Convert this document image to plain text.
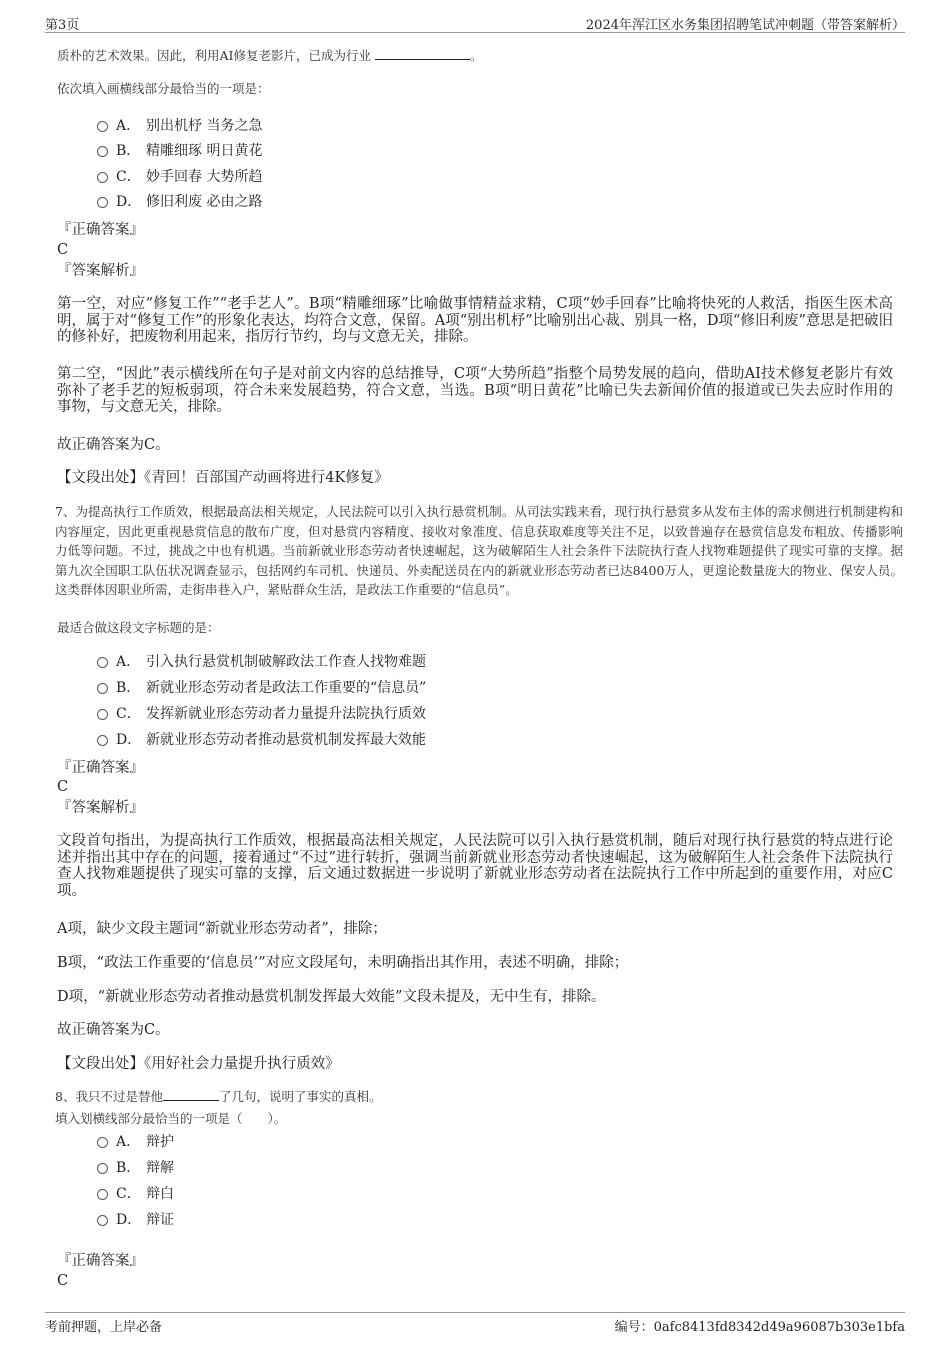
第3页	2024年浑江区水务集团招聘笔试冲刺题（带答案解析）
质朴的艺术效果。因此，利用AI修复老影片，已成为行业	。
依次填入画横线部分最恰当的一项是：
A． 别出机杼 当务之急
B． 精雕细琢 明日黄花
C． 妙手回春 大势所趋
D． 修旧利废 必由之路
『正确答案』
C
『答案解析』
第一空，对应“修复工作”“老手艺人”。B项“精雕细琢”比喻做事情精益求精，C项“妙手回春”比喻将快死的人救活，指医生医术高明，属于对“修复工作”的形象化表达，均符合文意，保留。A项“别出机杼”比喻别出心裁、别具一格，D项“修旧利废”意思是把破旧的修补好，把废物利用起来，指厉行节约，均与文意无关，排除。
第二空，“因此”表示横线所在句子是对前文内容的总结推导，C项“大势所趋”指整个局势发展的趋向，借助AI技术修复老影片有效弥补了老手艺的短板弱项，符合未来发展趋势，符合文意，当选。B项“明日黄花”比喻已失去新闻价值的报道或已失去应时作用的事物，与文意无关，排除。
故正确答案为C。
【文段出处】《青回！百部国产动画将进行4K修复》
7、为提高执行工作质效，根据最高法相关规定，人民法院可以引入执行悬赏机制。从司法实践来看，现行执行悬赏多从发布主体的需求侧进行机制建构和内容厘定，因此更重视悬赏信息的散布广度，但对悬赏内容精度、接收对象准度、信息获取难度等关注不足，以致普遍存在悬赏信息发布粗放、传播影响力低等问题。不过，挑战之中也有机遇。当前新就业形态劳动者快速崛起，这为破解陌生人社会条件下法院执行查人找物难题提供了现实可靠的支撑。据第九次全国职工队伍状况调查显示，包括网约车司机、快递员、外卖配送员在内的新就业形态劳动者已达8400万人，更遑论数量庞大的物业、保安人员。这类群体因职业所需，走街串巷入户，紧贴群众生活，是政法工作重要的“信息员”。
最适合做这段文字标题的是：
A． 引入执行悬赏机制破解政法工作查人找物难题
B． 新就业形态劳动者是政法工作重要的“信息员”
C． 发挥新就业形态劳动者力量提升法院执行质效
D． 新就业形态劳动者推动悬赏机制发挥最大效能
『正确答案』
C
『答案解析』
文段首句指出，为提高执行工作质效，根据最高法相关规定，人民法院可以引入执行悬赏机制，随后对现行执行悬赏的特点进行论述并指出其中存在的问题，接着通过“不过”进行转折，强调当前新就业形态劳动者快速崛起，这为破解陌生人社会条件下法院执行查人找物难题提供了现实可靠的支撑，后文通过数据进一步说明了新就业形态劳动者在法院执行工作中所起到的重要作用，对应C项。
A项，缺少文段主题词“新就业形态劳动者”，排除；
B项，“政法工作重要的‘信息员’”对应文段尾句，未明确指出其作用，表述不明确，排除；
D项，“新就业形态劳动者推动悬赏机制发挥最大效能”文段未提及，无中生有，排除。
故正确答案为C。
【文段出处】《用好社会力量提升执行质效》
8、我只不过是替他	了几句，说明了事实的真相。
填入划横线部分最恰当的一项是（　　）。
A． 辩护
B． 辩解
C． 辩白
D． 辩证
『正确答案』
C
考前押题，上岸必备	编号：0afc8413fd8342d49a96087b303e1bfa
